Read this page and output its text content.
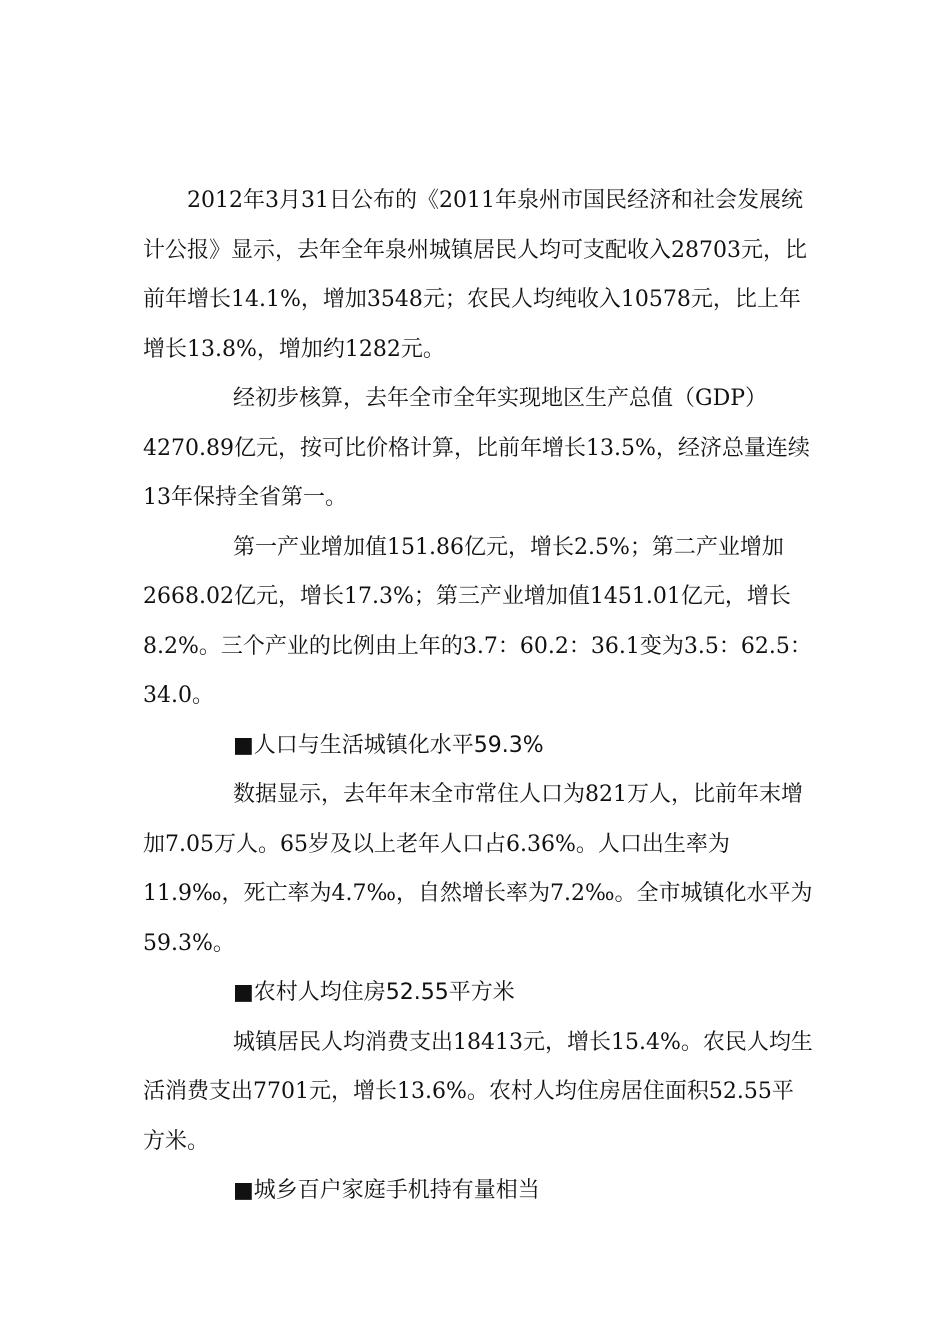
2012年3月31日公布的《2011年泉州市国民经济和社会发展统计公报》显示，去年全年泉州城镇居民人均可支配收入28703元，比前年增长14.1%，增加3548元；农民人均纯收入10578元，比上年增长13.8%，增加约1282元。

经初步核算，去年全市全年实现地区生产总值（GDP）4270.89亿元，按可比价格计算，比前年增长13.5%，经济总量连续13年保持全省第一。

第一产业增加值151.86亿元，增长2.5%；第二产业增加2668.02亿元，增长17.3%；第三产业增加值1451.01亿元，增长8.2%。三个产业的比例由上年的3.7：60.2：36.1变为3.5：62.5：34.0。

■人口与生活城镇化水平59.3%

数据显示，去年年末全市常住人口为821万人，比前年末增加7.05万人。65岁及以上老年人口占6.36%。人口出生率为11.9‰，死亡率为4.7‰，自然增长率为7.2‰。全市城镇化水平为59.3%。

■农村人均住房52.55平方米

城镇居民人均消费支出18413元，增长15.4%。农民人均生活消费支出7701元，增长13.6%。农村人均住房居住面积52.55平方米。

■城乡百户家庭手机持有量相当
